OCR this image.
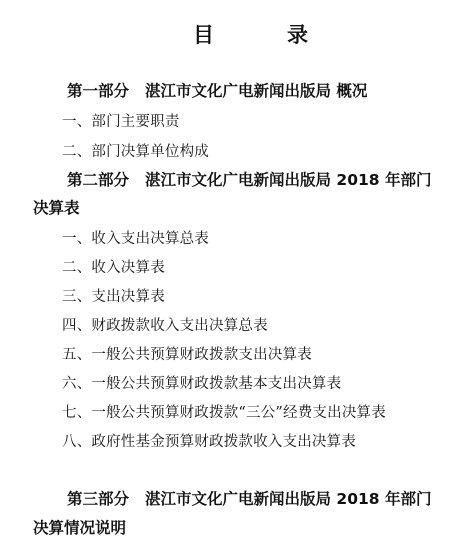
目	录
第一部分 湛江市文化广电新闻出版局 概况
一、部门主要职责
二、部门决算单位构成
第二部分 湛江市文化广电新闻出版局 2018 年部门
决算表
一、收入支出决算总表
二、收入决算表
三、支出决算表
四、财政拨款收入支出决算总表
五、一般公共预算财政拨款支出决算表
六、一般公共预算财政拨款基本支出决算表
七、一般公共预算财政拨款“三公”经费支出决算表
八、政府性基金预算财政拨款收入支出决算表
第三部分 湛江市文化广电新闻出版局 2018 年部门
决算情况说明
